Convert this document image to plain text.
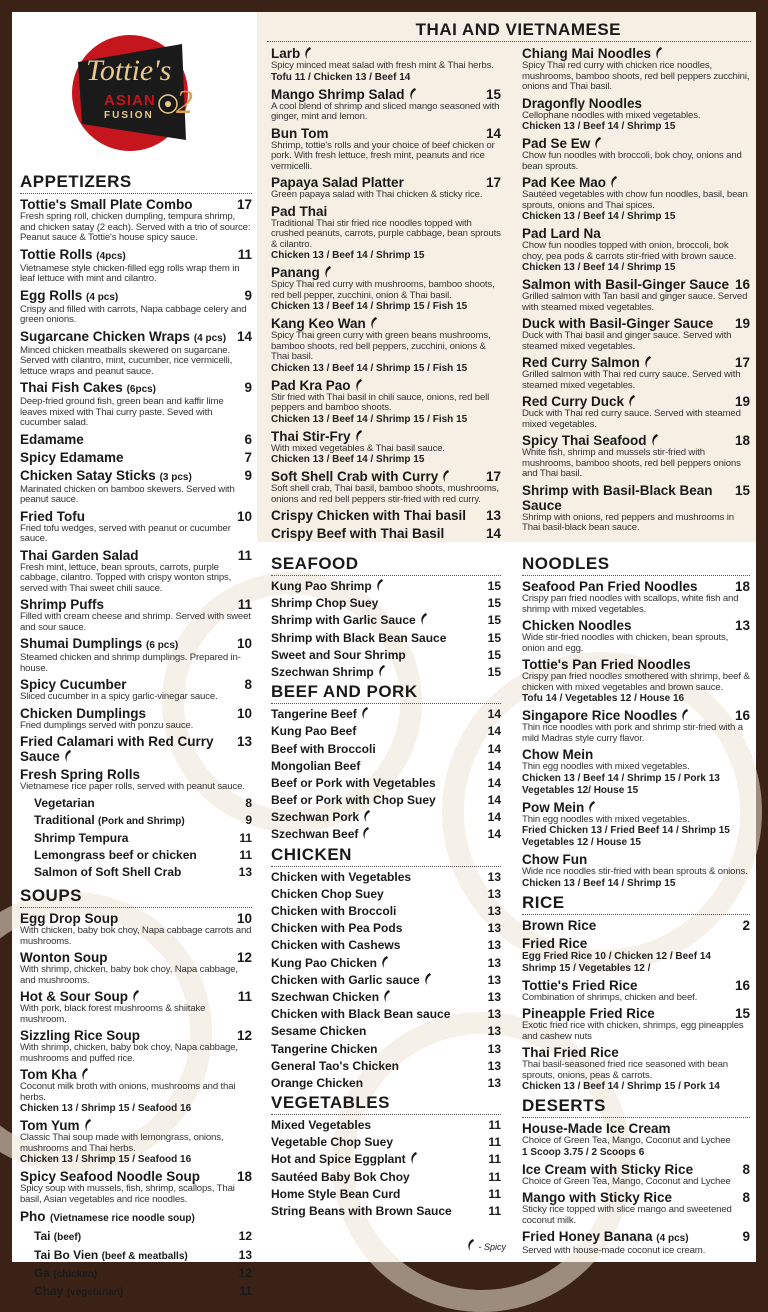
Tottie's
ASIAN
FUSION 2
APPETIZERS
Tottie's Small Plate Combo	17
Fresh spring roll, chicken dumpling, tempura shrimp, and chicken satay (2 each). Served with a trio of source: Peanut sauce & Tottie's house spicy sauce.
Tottie Rolls (4pcs)	11
Vietnamese style chicken-filled egg rolls wrap them in leaf lettuce with mint and cilantro.
Egg Rolls (4 pcs)	9
Crispy and filled with carrots, Napa cabbage celery and green onions.
Sugarcane Chicken Wraps (4 pcs) 14
Minced chicken meatballs skewered on sugarcane. Served with cilantro, mint, cucumber, rice vermicelli, lettuce wraps and peanut sauce.
Thai Fish Cakes (6pcs)	9
Deep-fried ground fish, green bean and kaffir lime leaves mixed with Thai curry paste. Seved with cucumber salad.
Edamame	6
Spicy Edamame	7
Chicken Satay Sticks (3 pcs)	9
Marinated chicken on bamboo skewers. Served with peanut sauce.
Fried Tofu	10
Fried tofu wedges, served with peanut or cucumber sauce.
Thai Garden Salad	11
Fresh mint, lettuce, bean sprouts, carrots, purple cabbage, cilantro. Topped with crispy wonton strips, served with Thai sweet chili sauce.
Shrimp Puffs	11
Filled with cream cheese and shrimp. Served with sweet and sour sauce.
Shumai Dumplings (6 pcs)	10
Steamed chicken and shrimp dumplings. Prepared in-house.
Spicy Cucumber	8
Sliced cucumber in a spicy garlic-vinegar sauce.
Chicken Dumplings	10
Fried dumplings served with ponzu sauce.
Fried Calamari with Red Curry Sauce
13
Fresh Spring Rolls
Vietnamese rice paper rolls, served with peanut sauce.
Vegetarian	8
Traditional (Pork and Shrimp)	9
Shrimp Tempura	11
Lemongrass beef or chicken	11
Salmon of Soft Shell Crab	13
SOUPS
Egg Drop Soup	10
With chicken, baby bok choy, Napa cabbage carrots and mushrooms.
Wonton Soup	12
With shrimp, chicken, baby bok choy, Napa cabbage, and mushrooms.
Hot & Sour Soup	11
With pork, black forest mushrooms & shiitake mushroom.
Sizzling Rice Soup	12
With shrimp, chicken, baby bok choy, Napa cabbage, mushrooms and puffed rice.
Tom Kha
Coconut milk broth with onions, mushrooms and thai herbs.
Chicken 13 / Shrimp 15 / Seafood 16
Tom Yum
Classic Thai soup made with lemongrass, onions, mushrooms and Thai herbs.
Chicken 13 / Shrimp 15 / Seafood 16
Spicy Seafood Noodle Soup	18
Spicy soup with mussels, fish, shrimp, scallops, Thai basil, Asian vegetables and rice noodles.
Pho (Vietnamese rice noodle soup)
Tai (beef)	12
Tai Bo Vien (beef & meatballs)	13
Ga (chicken)	12
Chay (vegetarian)	11
THAI AND VIETNAMESE
Larb
Spicy minced meat salad with fresh mint & Thai herbs.
Tofu 11 / Chicken 13 / Beef 14
Mango Shrimp Salad	15
A cool blend of shrimp and sliced mango seasoned with ginger, mint and lemon.
Bun Tom	14
Shrimp, tottie's rolls and your choice of beef chicken or pork. With fresh lettuce, fresh mint, peanuts and rice vermicelli.
Papaya Salad Platter	17
Green papaya salad with Thai chicken & sticky rice.
Pad Thai
Traditional Thai stir fried rice noodles topped with crushed peanuts, carrots, purple cabbage, bean sprouts & cilantro.
Chicken 13 / Beef 14 / Shrimp 15
Panang
Spicy Thai red curry with mushrooms, bamboo shoots, red bell pepper, zucchini, onion & Thai basil.
Chicken 13 / Beef 14 / Shrimp 15 / Fish 15
Kang Keo Wan
Spicy Thai green curry with green beans mushrooms, bamboo shoots, red bell peppers, zucchini, onions & Thai basil.
Chicken 13 / Beef 14 / Shrimp 15 / Fish 15
Pad Kra Pao
Stir fried with Thai basil in chili sauce, onions, red bell peppers and bamboo shoots.
Chicken 13 / Beef 14 / Shrimp 15 / Fish 15
Thai Stir-Fry
With mixed vegetables & Thai basil sauce.
Chicken 13 / Beef 14 / Shrimp 15
Soft Shell Crab with Curry	17
Soft shell crab, Thai basil, bamboo shoots, mushrooms, onions and red bell peppers stir-fried with red curry.
Crispy Chicken with Thai basil 13
Crispy Beef with Thai Basil	14
Chiang Mai Noodles
Spicy Thai red curry with chicken rice noodles, mushrooms, bamboo shoots, red bell peppers zucchini, onions and Thai basil.
Dragonfly Noodles
Cellophane noodles with mixed vegetables.
Chicken 13 / Beef 14 / Shrimp 15
Pad Se Ew
Chow fun noodles with broccoli, bok choy, onions and bean sprouts.
Pad Kee Mao
Sautéed vegetables with chow fun noodles, basil, bean sprouts, onions and Thai spices.
Chicken 13 / Beef 14 / Shrimp 15
Pad Lard Na
Chow fun noodles topped with onion, broccoli, bok choy, pea pods & carrots stir-fried with brown sauce.
Chicken 13 / Beef 14 / Shrimp 15
Salmon with Basil-Ginger Sauce 16
Grilled salmon with Tan basil and ginger sauce. Served with steamed mixed vegetables.
Duck with Basil-Ginger Sauce 19
Duck with Thai basil and ginger sauce. Served with steamed mixed vegetables.
Red Curry Salmon	17
Grilled salmon with Thai red curry sauce. Served with steamed mixed vegetables.
Red Curry Duck	19
Duck with Thai red curry sauce. Served with steamed mixed vegetables.
Spicy Thai Seafood	18
White fish, shrimp and mussels stir-fried with mushrooms, bamboo shoots, red bell peppers onions and Thai basil.
Shrimp with Basil-Black Bean Sauce
15
Shrimp with onions, red peppers and mushrooms in Thai basil-black bean sauce.
SEAFOOD
Kung Pao Shrimp	15
Shrimp Chop Suey	15
Shrimp with Garlic Sauce	15
Shrimp with Black Bean Sauce	15
Sweet and Sour Shrimp	15
Szechwan Shrimp	15
BEEF AND PORK
Tangerine Beef	14
Kung Pao Beef	14
Beef with Broccoli	14
Mongolian Beef	14
Beef or Pork with Vegetables	14
Beef or Pork with Chop Suey	14
Szechwan Pork	14
Szechwan Beef	14
CHICKEN
Chicken with Vegetables	13
Chicken Chop Suey	13
Chicken with Broccoli	13
Chicken with Pea Pods	13
Chicken with Cashews	13
Kung Pao Chicken	13
Chicken with Garlic sauce	13
Szechwan Chicken	13
Chicken with Black Bean sauce	13
Sesame Chicken	13
Tangerine Chicken	13
General Tao's Chicken	13
Orange Chicken	13
VEGETABLES
Mixed Vegetables	11
Vegetable Chop Suey	11
Hot and Spice Eggplant	11
Sautéed Baby Bok Choy	11
Home Style Bean Curd	11
String Beans with Brown Sauce	11
NOODLES
Seafood Pan Fried Noodles	18
Crispy pan fried noodles with scallops, white fish and shrimp with mixed vegetables.
Chicken Noodles	13
Wide stir-fried noodles with chicken, bean sprouts, onion and egg.
Tottie's Pan Fried Noodles
Crispy pan fried noodles smothered with shrimp, beef & chicken with mixed vegetables and brown sauce.
Tofu 14 / Vegetables 12 / House 16
Singapore Rice Noodles	16
Thin rice noodles with pork and shrimp stir-fried with a mild Madras style curry flavor.
Chow Mein
Thin egg noodles with mixed vegetables.
Chicken 13 / Beef 14 / Shrimp 15 / Pork 13
Vegetables 12/ House 15
Pow Mein
Thin egg noodles with mixed vegetables.
Fried Chicken 13 / Fried Beef 14 / Shrimp 15
Vegetables 12 / House 15
Chow Fun
Wide rice noodles stir-fried with bean sprouts & onions.
Chicken 13 / Beef 14 / Shrimp 15
RICE
Brown Rice	2
Fried Rice
Egg Fried Rice 10 / Chicken 12 / Beef 14
Shrimp 15 / Vegetables 12 /
Tottie's Fried Rice	16
Combination of shrimps, chicken and beef.
Pineapple Fried Rice	15
Exotic fried rice with chicken, shrimps, egg pineapples and cashew nuts
Thai Fried Rice
Thai basil-seasoned fried rice seasoned with bean sprouts, onions, peas & carrots.
Chicken 13 / Beef 14 / Shrimp 15 / Pork 14
DESERTS
House-Made Ice Cream
Choice of Green Tea, Mango, Coconut and Lychee
1 Scoop 3.75 / 2 Scoops 6
Ice Cream with Sticky Rice	8
Choice of Green Tea, Mango, Coconut and Lychee
Mango with Sticky Rice	8
Sticky rice topped with slice mango and sweetened coconut milk.
Fried Honey Banana (4 pcs)	9
Served with house-made coconut ice cream.
- Spicy
